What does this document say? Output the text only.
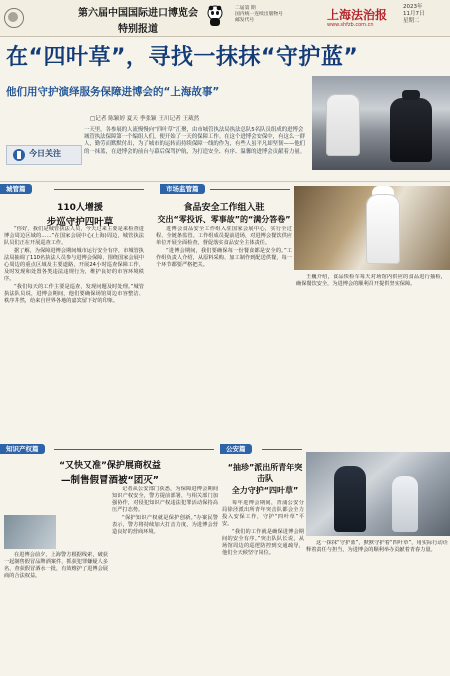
第六届中国国际进口博览会
特别报道
二届第 期
国内统一连续出版物号
邮发代号	上海法治报
www.shfzb.com.cn
2023年
11月7日
星期二
在“四叶草”，寻找一抹抹“守护蓝”
他们用守护演绎服务保障进博会的“上海故事”
□记者 陈颖婷 夏天 季张颖 王川记者 王葳然
一天里，各参展的人流慢慢向“四叶草”汇聚，由市城管执法局执法总队5名队员组成的进博会城管执法保障第一个编组人们，便开始了一天的保障工作。在这个进博会安保中，有这么一群人，勤劳而默默付出，为了城市的运转而持续保障一线的作为，有些人虽平凡却坚韧——他们的一抹蓝，在进博会的前台与幕后保驾护航，为打造安全、有序、温馨的进博会贡献着力量。
今日关注
城管篇
110人增援
步巡守护四叶草

“你好，我们是城管执法人员，今天过来主要是来检查进博会周边区域的……”在国家会展中心(上海)周边，城管执法队员们正在开展巡查工作。

据了解，为保障进博会期间城市运行安全有序，市城管执法局抽调了110名执法人员参与进博会保障，围绕国家会展中心周边的重点区域及主要道路，开展24小时巡查保障工作，及时发现和处置各类违法违规行为，维护良好的市容环境秩序。

“我们每天的工作主要是巡查，发现问题及时处理。”城管执法队员说，进博会期间，他们要确保场馆周边市容整洁、秩序井然，给来自世界各地的嘉宾留下好的印象。

市场监管篇
食品安全工作组入驻
交出“零投诉、零事故”的“满分答卷”

进博会食品安全工作组入驻国家会展中心，实行全过程、全链条监管。工作组成员提前进场，对进博会餐饮供应单位开展全面检查，督促落实食品安全主体责任。

“进博会期间，我们要确保每一份餐食都是安全的。”工作组负责人介绍，从原料采购、加工制作到配送供餐，每一个环节都要严格把关。

王巍介绍，食品快检车每天对场馆内供应的食品进行抽检，确保餐饮安全，为进博会的顺利召开提供坚实保障。

知识产权篇
“又快又准”保护展商权益
—制售假冒酒被“团灭”

在进博会前夕，上海警方根据线索，破获一起制售假冒品牌酒案件，抓获犯罪嫌疑人多名，查获假冒酒水一批，有效维护了进博会展商的合法权益。

记者从公安部门获悉，为保障进博会期间知识产权安全，警方提前部署，与相关部门加强协作，对侵犯知识产权违法犯罪活动保持高压严打态势。

“保护知识产权就是保护创新。”办案民警表示，警方将持续加大打击力度，为进博会营造良好的营商环境。

公安篇
“抽珍”派出所青年突击队
全力守护“四叶草”

每年进博会期间，青浦公安分局徐泾派出所青年突击队都会全力投入安保工作，守护“四叶草”平安。

“我们的工作就是确保进博会期间的安全有序。”突击队队长说，从场馆周边的巡逻防控到交通疏导，他们全天候坚守岗位。

这一抹抹“守护蓝”，默默守护着“四叶草”，用实际行动诠释着责任与担当，为进博会的顺利举办贡献着青春力量。
